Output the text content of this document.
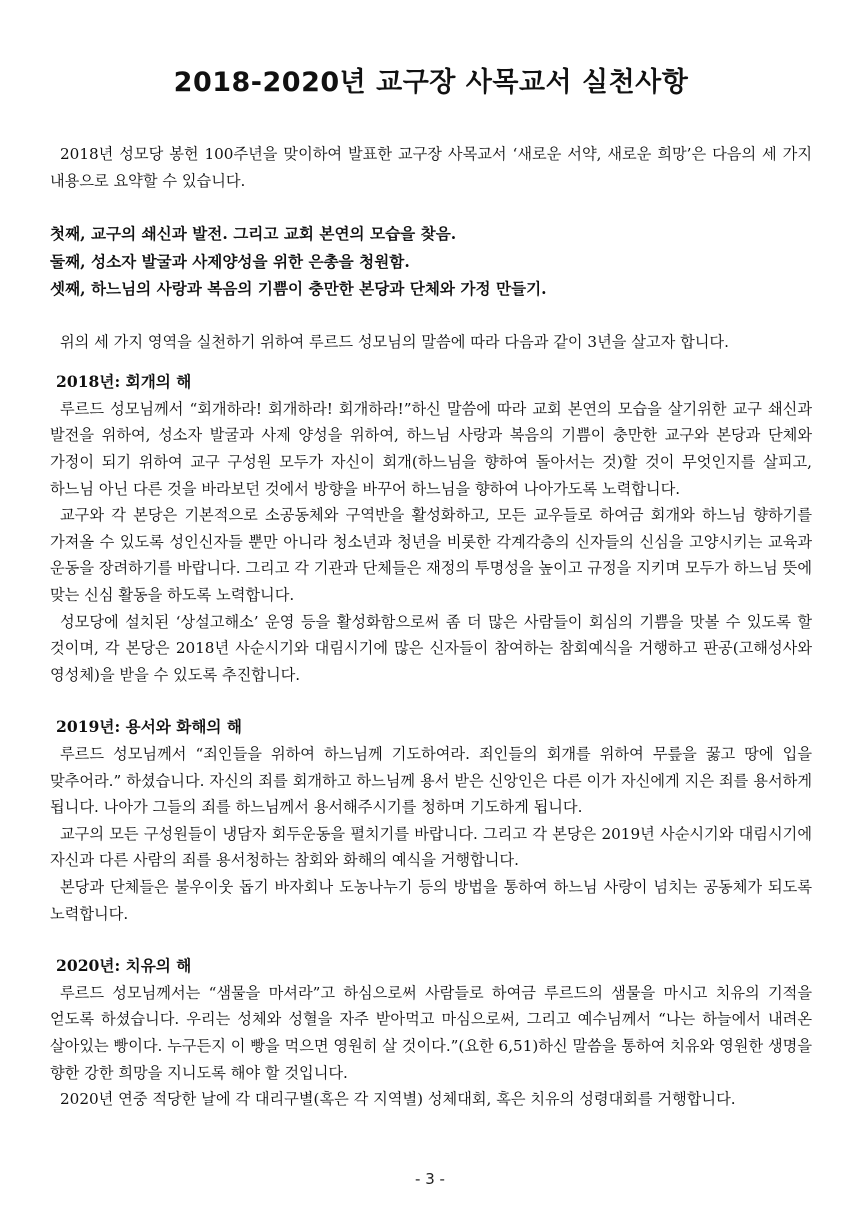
2018-2020년 교구장 사목교서 실천사항

2018년 성모당 봉헌 100주년을 맞이하여 발표한 교구장 사목교서 ‘새로운 서약, 새로운 희망’은 다음의 세 가지 내용으로 요약할 수 있습니다.

첫째, 교구의 쇄신과 발전. 그리고 교회 본연의 모습을 찾음.

둘째, 성소자 발굴과 사제양성을 위한 은총을 청원함.

셋째, 하느님의 사랑과 복음의 기쁨이 충만한 본당과 단체와 가정 만들기.

위의 세 가지 영역을 실천하기 위하여 루르드 성모님의 말씀에 따라 다음과 같이 3년을 살고자 합니다.

2018년: 회개의 해

루르드 성모님께서 “회개하라! 회개하라! 회개하라!”하신 말씀에 따라 교회 본연의 모습을 살기위한 교구 쇄신과 발전을 위하여, 성소자 발굴과 사제 양성을 위하여, 하느님 사랑과 복음의 기쁨이 충만한 교구와 본당과 단체와 가정이 되기 위하여 교구 구성원 모두가 자신이 회개(하느님을 향하여 돌아서는 것)할 것이 무엇인지를 살피고, 하느님 아닌 다른 것을 바라보던 것에서 방향을 바꾸어 하느님을 향하여 나아가도록 노력합니다.

교구와 각 본당은 기본적으로 소공동체와 구역반을 활성화하고, 모든 교우들로 하여금 회개와 하느님 향하기를 가져올 수 있도록 성인신자들 뿐만 아니라 청소년과 청년을 비롯한 각계각층의 신자들의 신심을 고양시키는 교육과 운동을 장려하기를 바랍니다. 그리고 각 기관과 단체들은 재정의 투명성을 높이고 규정을 지키며 모두가 하느님 뜻에 맞는 신심 활동을 하도록 노력합니다.

성모당에 설치된 ‘상설고해소’ 운영 등을 활성화함으로써 좀 더 많은 사람들이 회심의 기쁨을 맛볼 수 있도록 할 것이며, 각 본당은 2018년 사순시기와 대림시기에 많은 신자들이 참여하는 참회예식을 거행하고 판공(고해성사와 영성체)을 받을 수 있도록 추진합니다.

2019년: 용서와 화해의 해

루르드 성모님께서 “죄인들을 위하여 하느님께 기도하여라. 죄인들의 회개를 위하여 무릎을 꿇고 땅에 입을 맞추어라.” 하셨습니다. 자신의 죄를 회개하고 하느님께 용서 받은 신앙인은 다른 이가 자신에게 지은 죄를 용서하게 됩니다. 나아가 그들의 죄를 하느님께서 용서해주시기를 청하며 기도하게 됩니다.

교구의 모든 구성원들이 냉담자 회두운동을 펼치기를 바랍니다. 그리고 각 본당은 2019년 사순시기와 대림시기에 자신과 다른 사람의 죄를 용서청하는 참회와 화해의 예식을 거행합니다.

본당과 단체들은 불우이웃 돕기 바자회나 도농나누기 등의 방법을 통하여 하느님 사랑이 넘치는 공동체가 되도록 노력합니다.

2020년: 치유의 해

루르드 성모님께서는 “샘물을 마셔라”고 하심으로써 사람들로 하여금 루르드의 샘물을 마시고 치유의 기적을 얻도록 하셨습니다. 우리는 성체와 성혈을 자주 받아먹고 마심으로써, 그리고 예수님께서 “나는 하늘에서 내려온 살아있는 빵이다. 누구든지 이 빵을 먹으면 영원히 살 것이다.”(요한 6,51)하신 말씀을 통하여 치유와 영원한 생명을 향한 강한 희망을 지니도록 해야 할 것입니다.

2020년 연중 적당한 날에 각 대리구별(혹은 각 지역별) 성체대회, 혹은 치유의 성령대회를 거행합니다.

- 3 -
